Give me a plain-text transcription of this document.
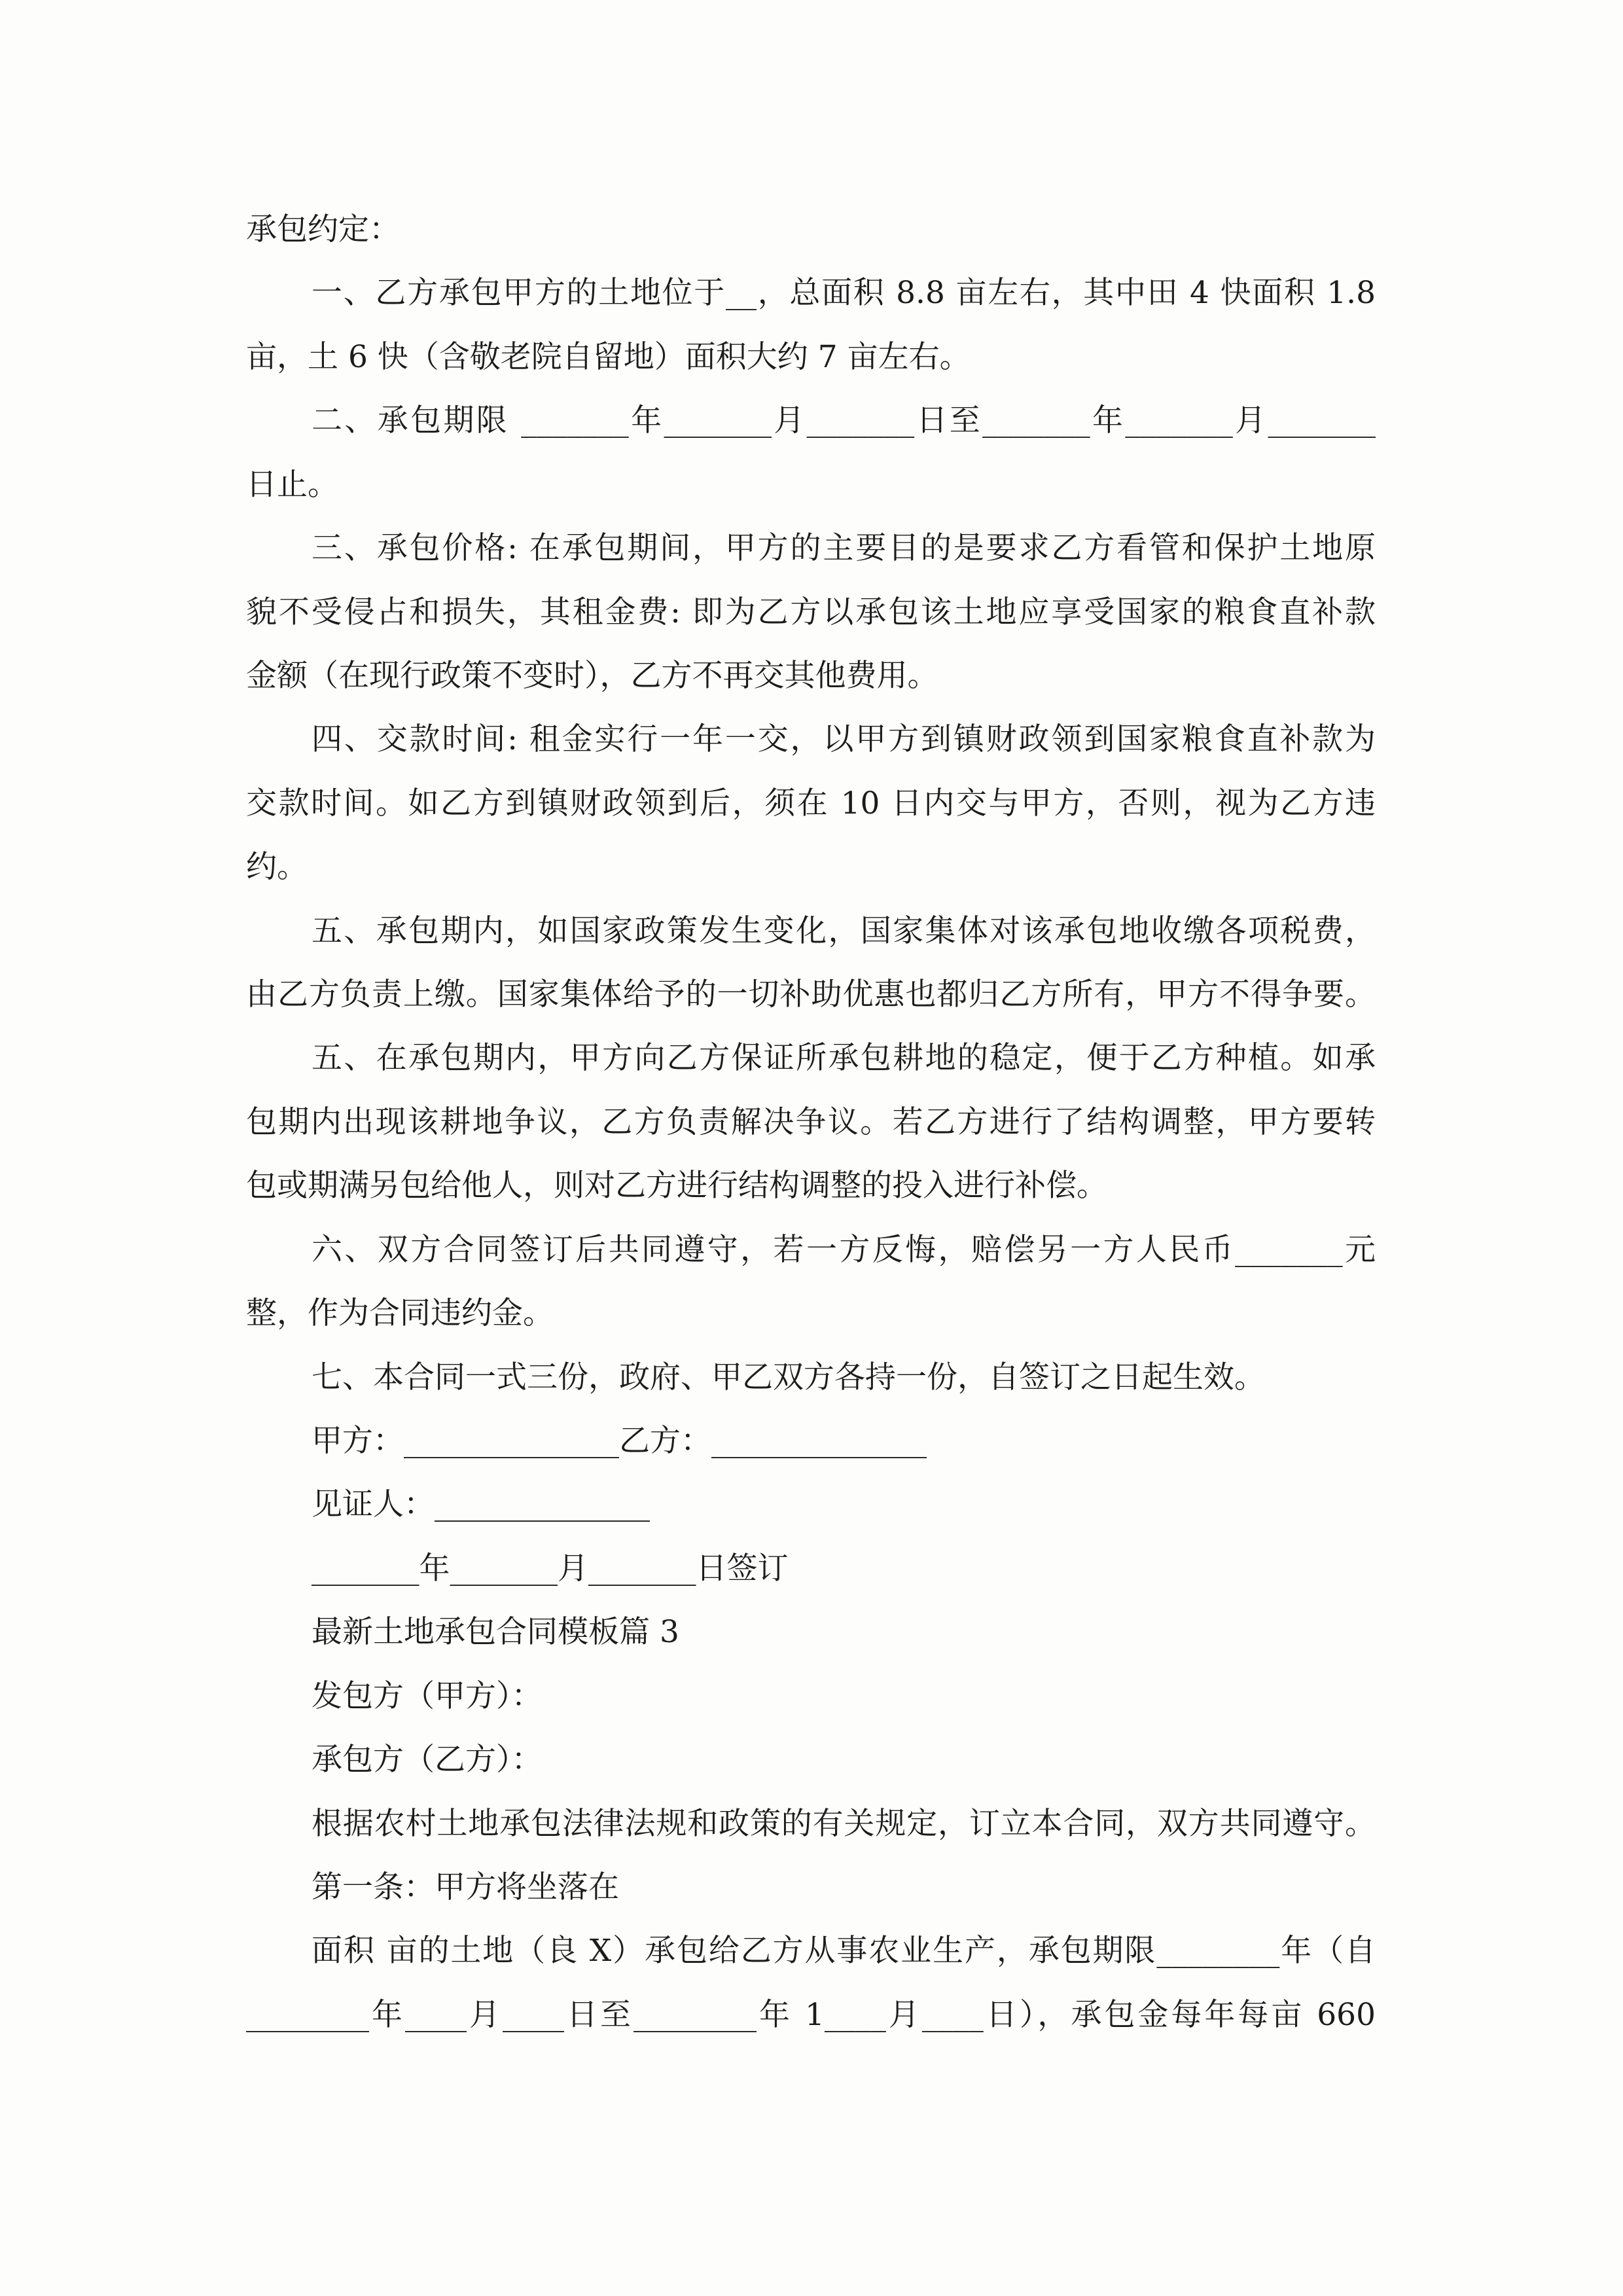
承包约定：
一、乙方承包甲方的土地位于__，总面积 8.8 亩左右，其中田 4 快面积 1.8
亩，土 6 快（含敬老院自留地）面积大约 7 亩左右。
二、承包期限 _______年_______月_______日至_______年_______月_______
日止。
三、承包价格: 在承包期间，甲方的主要目的是要求乙方看管和保护土地原
貌不受侵占和损失，其租金费: 即为乙方以承包该土地应享受国家的粮食直补款
金额（在现行政策不变时），乙方不再交其他费用。
四、交款时间: 租金实行一年一交，以甲方到镇财政领到国家粮食直补款为
交款时间。如乙方到镇财政领到后，须在 10 日内交与甲方，否则，视为乙方违
约。
五、承包期内，如国家政策发生变化，国家集体对该承包地收缴各项税费，
由乙方负责上缴。国家集体给予的一切补助优惠也都归乙方所有，甲方不得争要。
五、在承包期内，甲方向乙方保证所承包耕地的稳定，便于乙方种植。如承
包期内出现该耕地争议，乙方负责解决争议。若乙方进行了结构调整，甲方要转
包或期满另包给他人，则对乙方进行结构调整的投入进行补偿。
六、双方合同签订后共同遵守，若一方反悔，赔偿另一方人民币_______元
整，作为合同违约金。
七、本合同一式三份，政府、甲乙双方各持一份，自签订之日起生效。
甲方：______________乙方：______________
见证人：______________
_______年_______月_______日签订
最新土地承包合同模板篇 3
发包方（甲方）：
承包方（乙方）：
根据农村土地承包法律法规和政策的有关规定，订立本合同，双方共同遵守。
第一条：甲方将坐落在
面积 亩的土地（良 X）承包给乙方从事农业生产，承包期限________年（自
________年____月____日至________年 1____月____日），承包金每年每亩 660
